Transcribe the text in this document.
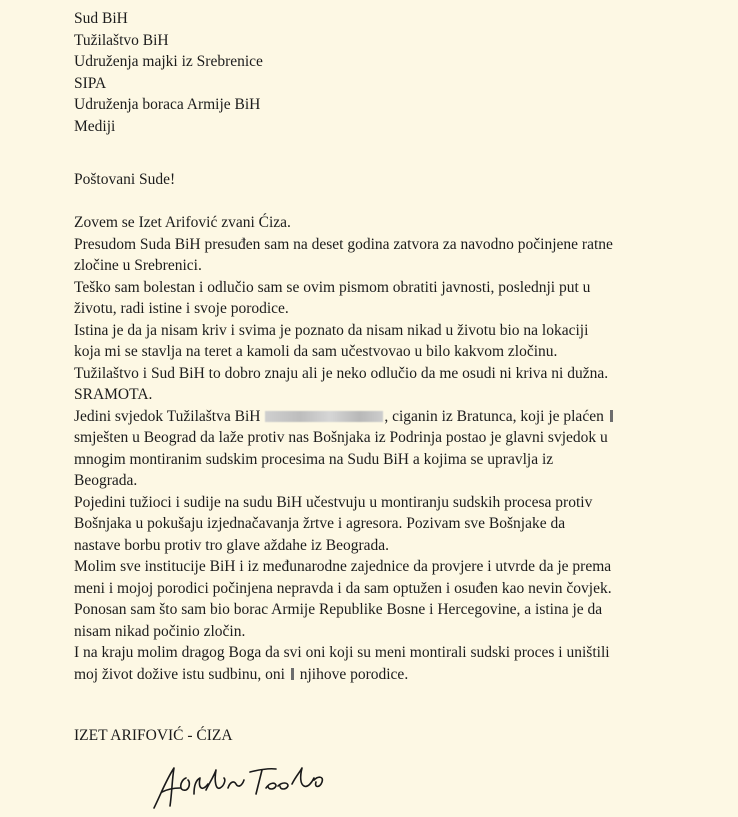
Sud BiH
Tužilaštvo BiH
Udruženja majki iz Srebrenice
SIPA
Udruženja boraca Armije BiH
Mediji
Poštovani Sude!
Zovem se Izet Arifović zvani Ćiza.
Presudom Suda BiH presuđen sam na deset godina zatvora za navodno počinjene ratne
zločine u Srebrenici.
Teško sam bolestan i odlučio sam se ovim pismom obratiti javnosti, poslednji put u
životu, radi istine i svoje porodice.
Istina je da ja nisam kriv i svima je poznato da nisam nikad u životu bio na lokaciji
koja mi se stavlja na teret a kamoli da sam učestvovao u bilo kakvom zločinu.
Tužilaštvo i Sud BiH to dobro znaju ali je neko odlučio da me osudi ni kriva ni dužna.
SRAMOTA.
Jedini svjedok Tužilaštva BiH	, ciganin iz Bratunca, koji je plaćen
smješten u Beograd da laže protiv nas Bošnjaka iz Podrinja postao je glavni svjedok u
mnogim montiranim sudskim procesima na Sudu BiH a kojima se upravlja iz
Beograda.
Pojedini tužioci i sudije na sudu BiH učestvuju u montiranju sudskih procesa protiv
Bošnjaka u pokušaju izjednačavanja žrtve i agresora. Pozivam sve Bošnjake da
nastave borbu protiv tro glave aždahe iz Beograda.
Molim sve institucije BiH i iz međunarodne zajednice da provjere i utvrde da je prema
meni i mojoj porodici počinjena nepravda i da sam optužen i osuđen kao nevin čovjek.
Ponosan sam što sam bio borac Armije Republike Bosne i Hercegovine, a istina je da
nisam nikad počinio zločin.
I na kraju molim dragog Boga da svi oni koji su meni montirali sudski proces i uništili
moj život dožive istu sudbinu, oni njihove porodice.
IZET ARIFOVIĆ - ĆIZA
